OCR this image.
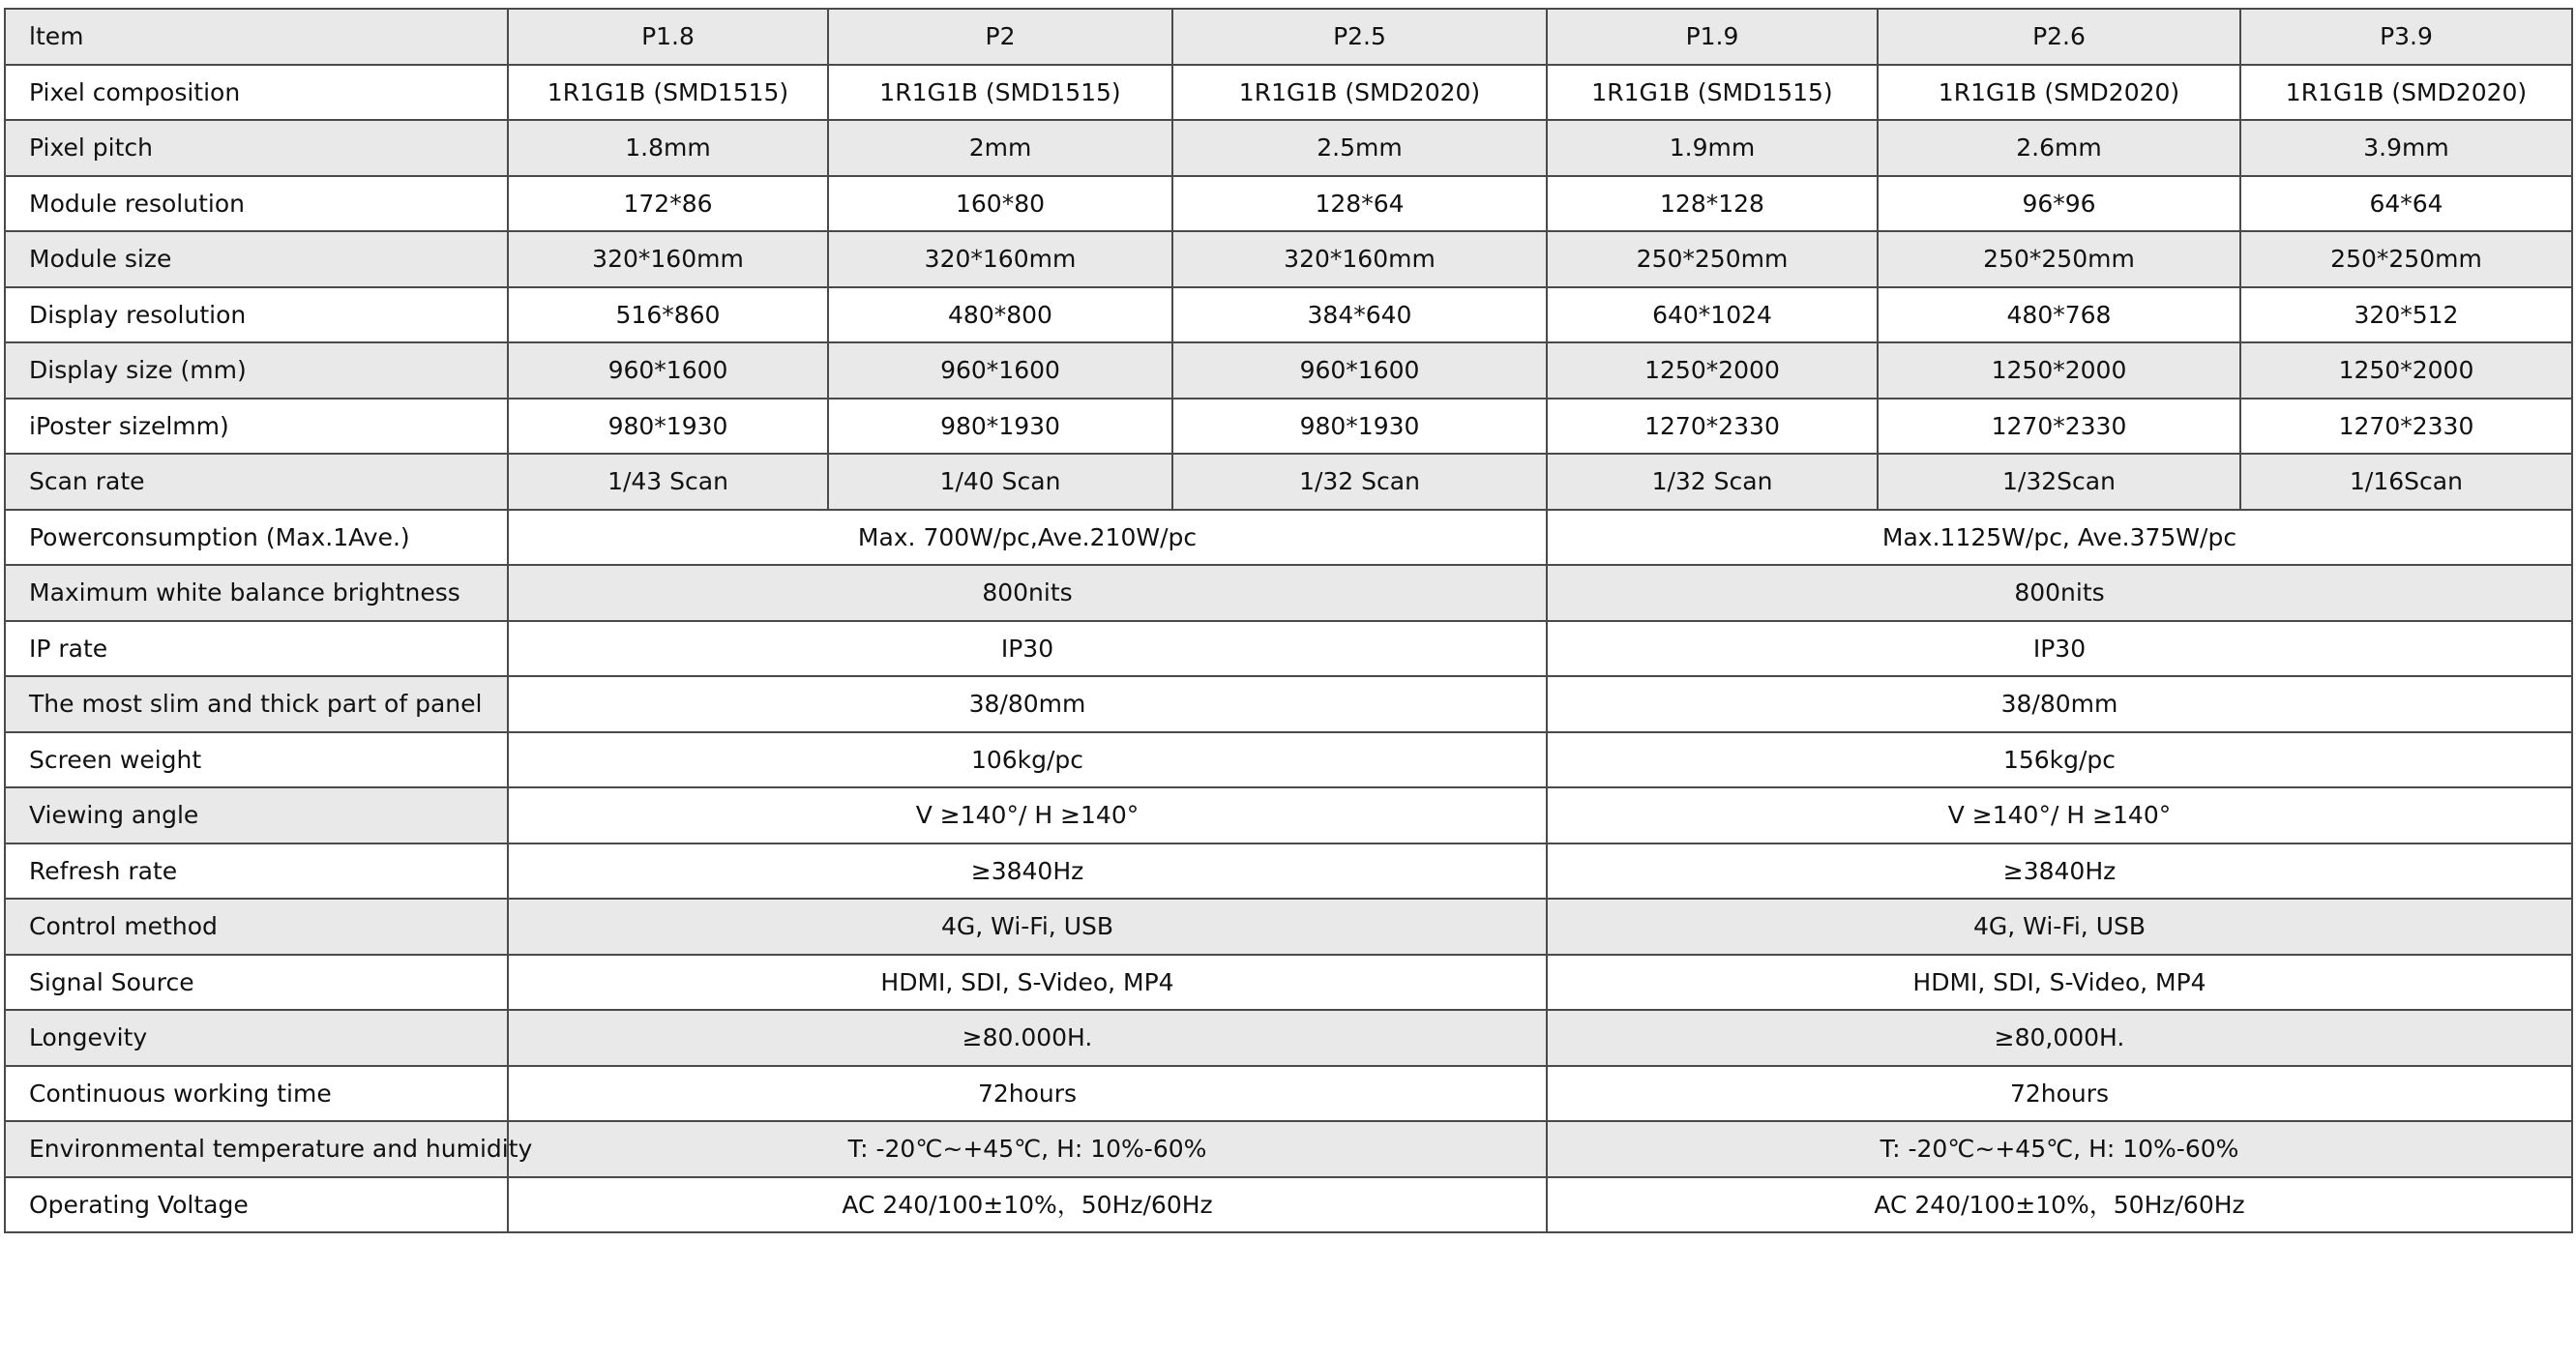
ltem	P1.8	P2	P2.5	P1.9	P2.6	P3.9
Pixel composition	1R1G1B (SMD1515)	1R1G1B (SMD1515)	1R1G1B (SMD2020)	1R1G1B (SMD1515)	1R1G1B (SMD2020)	1R1G1B (SMD2020)
Pixel pitch	1.8mm	2mm	2.5mm	1.9mm	2.6mm	3.9mm
Module resolution	172*86	160*80	128*64	128*128	96*96	64*64
Module size	320*160mm	320*160mm	320*160mm	250*250mm	250*250mm	250*250mm
Display resolution	516*860	480*800	384*640	640*1024	480*768	320*512
Display size (mm)	960*1600	960*1600	960*1600	1250*2000	1250*2000	1250*2000
iPoster sizelmm)	980*1930	980*1930	980*1930	1270*2330	1270*2330	1270*2330
Scan rate	1/43 Scan	1/40 Scan	1/32 Scan	1/32 Scan	1/32Scan	1/16Scan
Powerconsumption (Max.1Ave.)	Max. 700W/pc,Ave.210W/pc			Max.1125W/pc, Ave.375W/pc		
Maximum white balance brightness	800nits			800nits		
IP rate	IP30			IP30		
The most slim and thick part of panel	38/80mm			38/80mm		
Screen weight	106kg/pc			156kg/pc		
Viewing angle	V ≥140°/ H ≥140°			V ≥140°/ H ≥140°		
Refresh rate	≥3840Hz			≥3840Hz		
Control method	4G, Wi-Fi, USB			4G, Wi-Fi, USB		
Signal Source	HDMI, SDI, S-Video, MP4			HDMI, SDI, S-Video, MP4		
Longevity	≥80.000H.			≥80,000H.		
Continuous working time	72hours			72hours		
Environmental temperature and humidity	T: -20℃~+45℃, H: 10%-60%			T: -20℃~+45℃, H: 10%-60%		
Operating Voltage	AC 240/100±10%，50Hz/60Hz			AC 240/100±10%，50Hz/60Hz		
